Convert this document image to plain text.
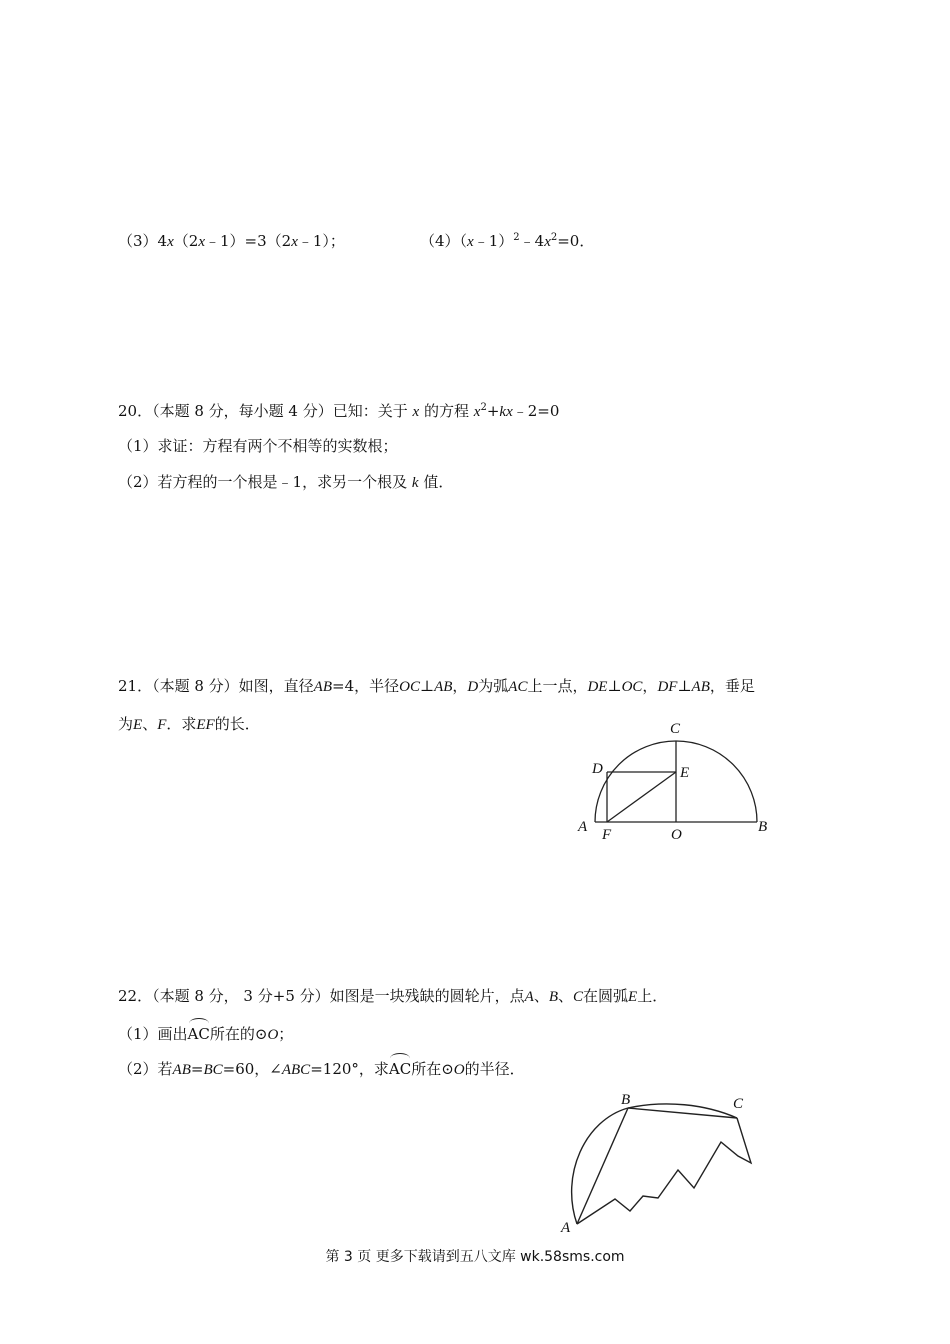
（3）4x（2x﹣1）=3（2x﹣1）；	$(4)(x﹣1)^2﹣4x^2=0$．
20．（本题 8 分，每小题 4 分）已知：关于 x 的方程 $x^2+kx﹣2=0$
（1）求证：方程有两个不相等的实数根；
（2）若方程的一个根是﹣1，求另一个根及 k 值．
21．（本题 8 分）如图，直径AB=4，半径OC⊥AB，D为弧AC上一点，DE⊥OC，DF⊥AB，垂足
为E、F．求EF的长．	C
D	E
A F	O	B
22．（本题 8 分， 3 分+5 分）如图是一块残缺的圆轮片，点A、B、C在圆弧E上．
（1）画出AC所在的⊙O；
（2）若AB=BC=60，∠ABC=120°，求AC所在⊙O的半径．
B	C
A
第 3 页 更多下载请到五八文库 wk.58sms.com
